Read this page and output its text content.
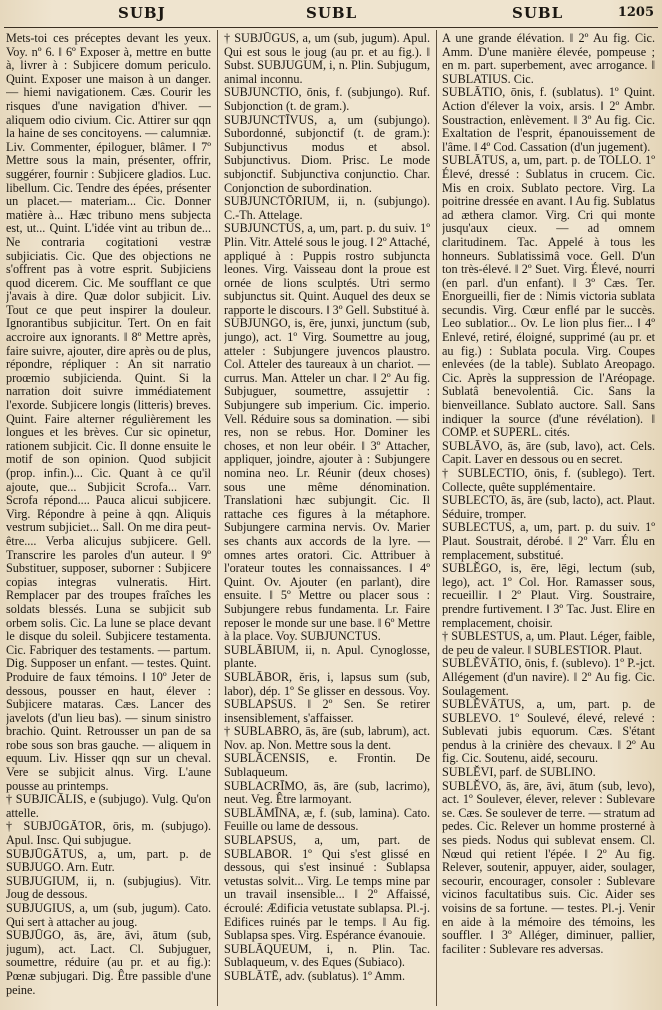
SUBJ	SUBL	SUBL	1205

Mets-toi ces préceptes devant les yeux. Voy. nº 6. ‖ 6º Exposer à, mettre en butte à, livrer à : Subjicere domum periculo. Quint. Exposer une maison à un danger. — hiemi navigationem. Cæs. Courir les risques d'une navigation d'hiver. — aliquem odio civium. Cic. Attirer sur qqn la haine de ses concitoyens. — calumniæ. Liv. Commenter, épiloguer, blâmer. ‖ 7º Mettre sous la main, présenter, offrir, suggérer, fournir : Subjicere gladios. Luc. libellum. Cic. Tendre des épées, présenter un placet.— materiam... Cic. Donner matière à... Hæc tribuno mens subjecta est, ut... Quint. L'idée vint au tribun de... Ne contraria cogitationi vestræ subjiciatis. Cic. Que des objections ne s'offrent pas à votre esprit. Subjiciens quod dicerem. Cic. Me soufflant ce que j'avais à dire. Quæ dolor subjicit. Liv. Tout ce que peut inspirer la douleur. Ignorantibus subjicitur. Tert. On en fait accroire aux ignorants. ‖ 8º Mettre après, faire suivre, ajouter, dire après ou de plus, répondre, répliquer : An sit narratio proœmio subjicienda. Quint. Si la narration doit suivre immédiatement l'exorde. Subjicere longis (litteris) breves. Quint. Faire alterner régulièrement les longues et les brèves. Cur sic opinetur, rationem subjicit. Cic. Il donne ensuite le motif de son opinion. Quod subjicit (prop. infin.)... Cic. Quant à ce qu'il ajoute, que... Subjicit Scrofa... Varr. Scrofa répond.... Pauca alicui subjicere. Virg. Répondre à peine à qqn. Aliquis vestrum subjiciet... Sall. On me dira peut-être.... Verba alicujus subjicere. Gell. Transcrire les paroles d'un auteur. ‖ 9º Substituer, supposer, suborner : Subjicere copias integras vulneratis. Hirt. Remplacer par des troupes fraîches les soldats blessés. Luna se subjicit sub orbem solis. Cic. La lune se place devant le disque du soleil. Subjicere testamenta. Cic. Fabriquer des testaments. — partum. Dig. Supposer un enfant. — testes. Quint. Produire de faux témoins. ‖ 10º Jeter de dessous, pousser en haut, élever : Subjicere mataras. Cæs. Lancer des javelots (d'un lieu bas). — sinum sinistro brachio. Quint. Retrousser un pan de sa robe sous son bras gauche. — aliquem in equum. Liv. Hisser qqn sur un cheval. Vere se subjicit alnus. Virg. L'aune pousse au printemps.

† SUBJICĀLIS, e (subjugo). Vulg. Qu'on attelle.

† SUBJŪGĀTOR, ōris, m. (subjugo). Apul. Insc. Qui subjugue.

SUBJŪGĀTUS, a, um, part. p. de SUBJUGO. Arn. Eutr.

SUBJUGIUM, ii, n. (subjugius). Vitr. Joug de dessous.

SUBJUGIUS, a, um (sub, jugum). Cato. Qui sert à attacher au joug.

SUBJŪGO, ās, āre, āvi, ātum (sub, jugum), act. Lact. Cl. Subjuguer, soumettre, réduire (au pr. et au fig.): Pœnæ subjugari. Dig. Être passible d'une peine.

† SUBJŪGUS, a, um (sub, jugum). Apul. Qui est sous le joug (au pr. et au fig.). ‖ Subst. SUBJUGUM, i, n. Plin. Subjugum, animal inconnu.

SUBJUNCTIO, ōnis, f. (subjungo). Ruf. Subjonction (t. de gram.).

SUBJUNCTĪVUS, a, um (subjungo). Subordonné, subjonctif (t. de gram.): Subjunctivus modus et absol. Subjunctivus. Diom. Prisc. Le mode subjonctif. Subjunctiva conjunctio. Char. Conjonction de subordination.

SUBJUNCTŌRIUM, ii, n. (subjungo). C.-Th. Attelage.

SUBJUNCTUS, a, um, part. p. du suiv. 1º Plin. Vitr. Attelé sous le joug. ‖ 2º Attaché, appliqué à : Puppis rostro subjuncta leones. Virg. Vaisseau dont la proue est ornée de lions sculptés. Utri sermo subjunctus sit. Quint. Auquel des deux se rapporte le discours. ‖ 3º Gell. Substitué à.

SUBJUNGO, is, ēre, junxi, junctum (sub, jungo), act. 1º Virg. Soumettre au joug, atteler : Subjungere juvencos plaustro. Col. Atteler des taureaux à un chariot. — currus. Man. Atteler un char. ‖ 2º Au fig. Subjuguer, soumettre, assujettir : Subjungere sub imperium. Cic. imperio. Vell. Réduire sous sa domination. — sibi res, non se rebus. Hor. Dominer les choses, et non leur obéir. ‖ 3º Attacher, appliquer, joindre, ajouter à : Subjungere nomina neo. Lr. Réunir (deux choses) sous une même dénomination. Translationi hæc subjungit. Cic. Il rattache ces figures à la métaphore. Subjungere carmina nervis. Ov. Marier ses chants aux accords de la lyre. — omnes artes oratori. Cic. Attribuer à l'orateur toutes les connaissances. ‖ 4º Quint. Ov. Ajouter (en parlant), dire ensuite. ‖ 5º Mettre ou placer sous : Subjungere rebus fundamenta. Lr. Faire reposer le monde sur une base. ‖ 6º Mettre à la place. Voy. SUBJUNCTUS.

SUBLĀBIUM, ii, n. Apul. Cynoglosse, plante.

SUBLĀBOR, ĕris, i, lapsus sum (sub, labor), dép. 1º Se glisser en dessous. Voy. SUBLAPSUS. ‖ 2º Sen. Se retirer insensiblement, s'affaisser.

† SUBLABRO, ās, āre (sub, labrum), act. Nov. ap. Non. Mettre sous la dent.

SUBLĀCENSIS, e. Frontin. De Sublaqueum.

SUBLACRĪMO, ās, āre (sub, lacrimo), neut. Veg. Être larmoyant.

SUBLĀMĪNA, æ, f. (sub, lamina). Cato. Feuille ou lame de dessous.

SUBLAPSUS, a, um, part. de SUBLABOR. 1º Qui s'est glissé en dessous, qui s'est insinué : Sublapsa vetustas solvit... Virg. Le temps mine par un travail insensible... ‖ 2º Affaissé, écroulé: Ædificia vetustate sublapsa. Pl.-j. Edifices ruinés par le temps. ‖ Au fig. Sublapsa spes. Virg. Espérance évanouie.

SUBLĀQUEUM, i, n. Plin. Tac. Sublaqueum, v. des Eques (Subiaco).

SUBLĀTĒ, adv. (sublatus). 1º Amm.

A une grande élévation. ‖ 2º Au fig. Cic. Amm. D'une manière élevée, pompeuse ; en m. part. superbement, avec arrogance. ‖ SUBLATIUS. Cic.

SUBLĀTIO, ōnis, f. (sublatus). 1º Quint. Action d'élever la voix, arsis. ‖ 2º Ambr. Soustraction, enlèvement. ‖ 3º Au fig. Cic. Exaltation de l'esprit, épanouissement de l'âme. ‖ 4º Cod. Cassation (d'un jugement).

SUBLĀTUS, a, um, part. p. de TOLLO. 1º Élevé, dressé : Sublatus in crucem. Cic. Mis en croix. Sublato pectore. Virg. La poitrine dressée en avant. ‖ Au fig. Sublatus ad æthera clamor. Virg. Cri qui monte jusqu'aux cieux. — ad omnem claritudinem. Tac. Appelé à tous les honneurs. Sublatissimâ voce. Gell. D'un ton très-élevé. ‖ 2º Suet. Virg. Élevé, nourri (en parl. d'un enfant). ‖ 3º Cæs. Ter. Enorgueilli, fier de : Nimis victoria sublata secundis. Virg. Cœur enflé par le succès. Leo sublatior... Ov. Le lion plus fier... ‖ 4º Enlevé, retiré, éloigné, supprimé (au pr. et au fig.) : Sublata pocula. Virg. Coupes enlevées (de la table). Sublato Areopago. Cic. Après la suppression de l'Aréopage. Sublatâ benevolentiâ. Cic. Sans la bienveillance. Sublato auctore. Sall. Sans indiquer la source (d'une révélation). ‖ COMP. et SUPERL. cités.

SUBLĀVO, ās, āre (sub, lavo), act. Cels. Capit. Laver en dessous ou en secret.

† SUBLECTIO, ōnis, f. (sublego). Tert. Collecte, quête supplémentaire.

SUBLECTO, ās, āre (sub, lacto), act. Plaut. Séduire, tromper.

SUBLECTUS, a, um, part. p. du suiv. 1º Plaut. Soustrait, dérobé. ‖ 2º Varr. Élu en remplacement, substitué.

SUBLĔGO, is, ēre, lēgi, lectum (sub, lego), act. 1º Col. Hor. Ramasser sous, recueillir. ‖ 2º Plaut. Virg. Soustraire, prendre furtivement. ‖ 3º Tac. Just. Elire en remplacement, choisir.

† SUBLESTUS, a, um. Plaut. Léger, faible, de peu de valeur. ‖ SUBLESTIOR. Plaut.

SUBLĔVĀTIO, ōnis, f. (sublevo). 1º P.-jct. Allégement (d'un navire). ‖ 2º Au fig. Cic. Soulagement.

SUBLĔVĀTUS, a, um, part. p. de SUBLEVO. 1º Soulevé, élevé, relevé : Sublevati jubis equorum. Cæs. S'étant pendus à la crinière des chevaux. ‖ 2º Au fig. Cic. Soutenu, aidé, secouru.

SUBLĔVI, parf. de SUBLINO.

SUBLĔVO, ās, āre, āvi, ātum (sub, levo), act. 1º Soulever, élever, relever : Sublevare se. Cæs. Se soulever de terre. — stratum ad pedes. Cic. Relever un homme prosterné à ses pieds. Nodus qui sublevat ensem. Cl. Nœud qui retient l'épée. ‖ 2º Au fig. Relever, soutenir, appuyer, aider, soulager, secourir, encourager, consoler : Sublevare vicinos facultatibus suis. Cic. Aider ses voisins de sa fortune. — testes. Pl.-j. Venir en aide à la mémoire des témoins, les souffler. ‖ 3º Alléger, diminuer, pallier, faciliter : Sublevare res adversas.
